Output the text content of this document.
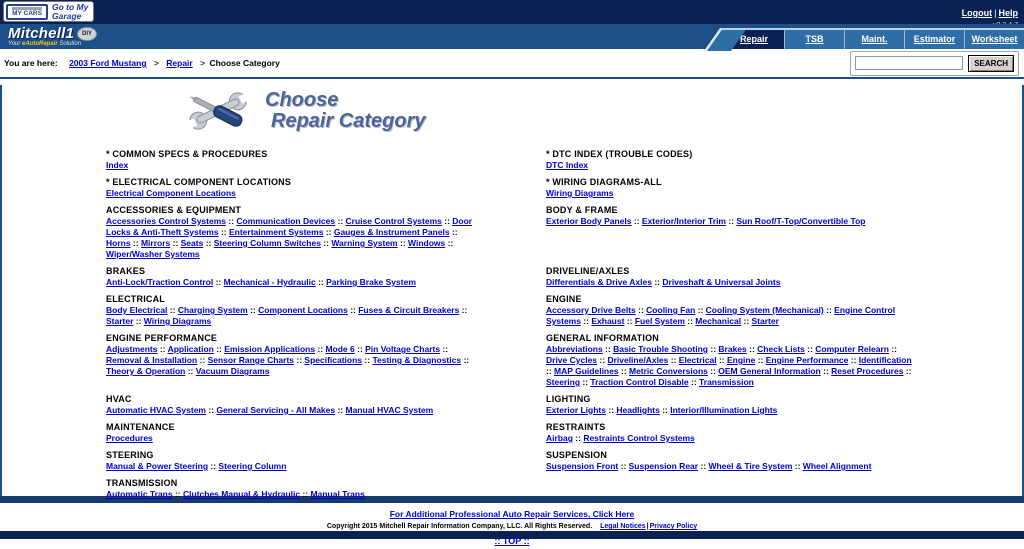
MY CARS
Go to My
Garage	Logout | Help
Mitchell1 DIY
Your eAutoRepair Solution	Repair	TSB	Maint.	Estimator	Worksheet
You are here: 2003 Ford Mustang > Repair > Choose Category	SEARCH
Choose
Repair Category
* COMMON SPECS & PROCEDURES
Index
* DTC INDEX (TROUBLE CODES)
DTC Index
* ELECTRICAL COMPONENT LOCATIONS
Electrical Component Locations
* WIRING DIAGRAMS-ALL
Wiring Diagrams
ACCESSORIES & EQUIPMENT
Accessories Control Systems :: Communication Devices :: Cruise Control Systems :: Door Locks & Anti-Theft Systems :: Entertainment Systems :: Gauges & Instrument Panels :: Horns :: Mirrors :: Seats :: Steering Column Switches :: Warning System :: Windows :: Wiper/Washer Systems
BODY & FRAME
Exterior Body Panels :: Exterior/Interior Trim :: Sun Roof/T-Top/Convertible Top
BRAKES
Anti-Lock/Traction Control :: Mechanical - Hydraulic :: Parking Brake System
DRIVELINE/AXLES
Differentials & Drive Axles :: Driveshaft & Universal Joints
ELECTRICAL
Body Electrical :: Charging System :: Component Locations :: Fuses & Circuit Breakers :: Starter :: Wiring Diagrams
ENGINE
Accessory Drive Belts :: Cooling Fan :: Cooling System (Mechanical) :: Engine Control Systems :: Exhaust :: Fuel System :: Mechanical :: Starter
ENGINE PERFORMANCE
Adjustments :: Application :: Emission Applications :: Mode 6 :: Pin Voltage Charts :: Removal & Installation :: Sensor Range Charts :: Specifications :: Testing & Diagnostics :: Theory & Operation :: Vacuum Diagrams
GENERAL INFORMATION
Abbreviations :: Basic Trouble Shooting :: Brakes :: Check Lists :: Computer Relearn :: Drive Cycles :: Driveline/Axles :: Electrical :: Engine :: Engine Performance :: Identification :: MAP Guidelines :: Metric Conversions :: OEM General Information :: Reset Procedures :: Steering :: Traction Control Disable :: Transmission
HVAC
Automatic HVAC System :: General Servicing - All Makes :: Manual HVAC System
LIGHTING
Exterior Lights :: Headlights :: Interior/Illumination Lights
MAINTENANCE
Procedures
RESTRAINTS
Airbag :: Restraints Control Systems
STEERING
Manual & Power Steering :: Steering Column
SUSPENSION
Suspension Front :: Suspension Rear :: Wheel & Tire System :: Wheel Alignment
TRANSMISSION
Automatic Trans :: Clutches Manual & Hydraulic :: Manual Trans
For Additional Professional Auto Repair Services, Click Here
Copyright 2015 Mitchell Repair Information Company, LLC. All Rights Reserved. Legal Notices|Privacy Policy
:: TOP ::
